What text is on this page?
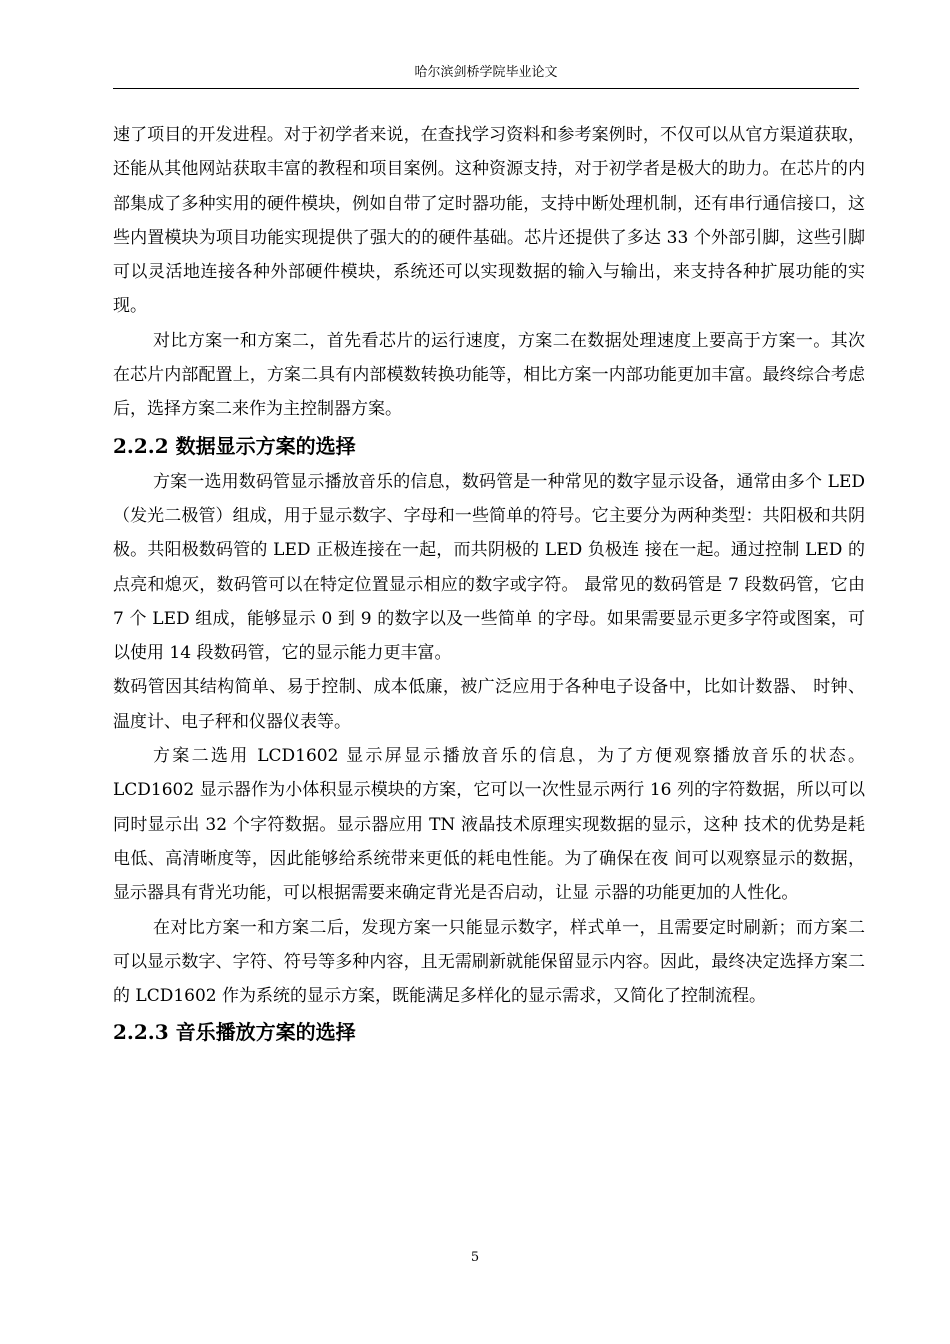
哈尔滨剑桥学院毕业论文

速了项目的开发进程。对于初学者来说，在查找学习资料和参考案例时，不仅可以从官方渠道获取，还能从其他网站获取丰富的教程和项目案例。这种资源支持，对于初学者是极大的助力。在芯片的内部集成了多种实用的硬件模块，例如自带了定时器功能，支持中断处理机制，还有串行通信接口，这些内置模块为项目功能实现提供了强大的的硬件基础。芯片还提供了多达 33 个外部引脚，这些引脚可以灵活地连接各种外部硬件模块，系统还可以实现数据的输入与输出，来支持各种扩展功能的实现。

对比方案一和方案二，首先看芯片的运行速度，方案二在数据处理速度上要高于方案一。其次在芯片内部配置上，方案二具有内部模数转换功能等，相比方案一内部功能更加丰富。最终综合考虑后，选择方案二来作为主控制器方案。

2.2.2 数据显示方案的选择

方案一选用数码管显示播放音乐的信息，数码管是一种常见的数字显示设备，通常由多个 LED（发光二极管）组成，用于显示数字、字母和一些简单的符号。它主要分为两种类型：共阳极和共阴极。共阳极数码管的 LED 正极连接在一起，而共阴极的 LED 负极连 接在一起。通过控制 LED 的点亮和熄灭，数码管可以在特定位置显示相应的数字或字符。 最常见的数码管是 7 段数码管，它由 7 个 LED 组成，能够显示 0 到 9 的数字以及一些简单 的字母。如果需要显示更多字符或图案，可以使用 14 段数码管，它的显示能力更丰富。

数码管因其结构简单、易于控制、成本低廉，被广泛应用于各种电子设备中，比如计数器、 时钟、温度计、电子秤和仪器仪表等。

方案二选用 LCD1602 显示屏显示播放音乐的信息，为了方便观察播放音乐的状态。LCD1602 显示器作为小体积显示模块的方案，它可以一次性显示两行 16 列的字符数据，所以可以同时显示出 32 个字符数据。显示器应用 TN 液晶技术原理实现数据的显示，这种 技术的优势是耗电低、高清晰度等，因此能够给系统带来更低的耗电性能。为了确保在夜 间可以观察显示的数据，显示器具有背光功能，可以根据需要来确定背光是否启动，让显 示器的功能更加的人性化。

在对比方案一和方案二后，发现方案一只能显示数字，样式单一，且需要定时刷新；而方案二可以显示数字、字符、符号等多种内容，且无需刷新就能保留显示内容。因此，最终决定选择方案二的 LCD1602 作为系统的显示方案，既能满足多样化的显示需求，又简化了控制流程。

2.2.3 音乐播放方案的选择
5
